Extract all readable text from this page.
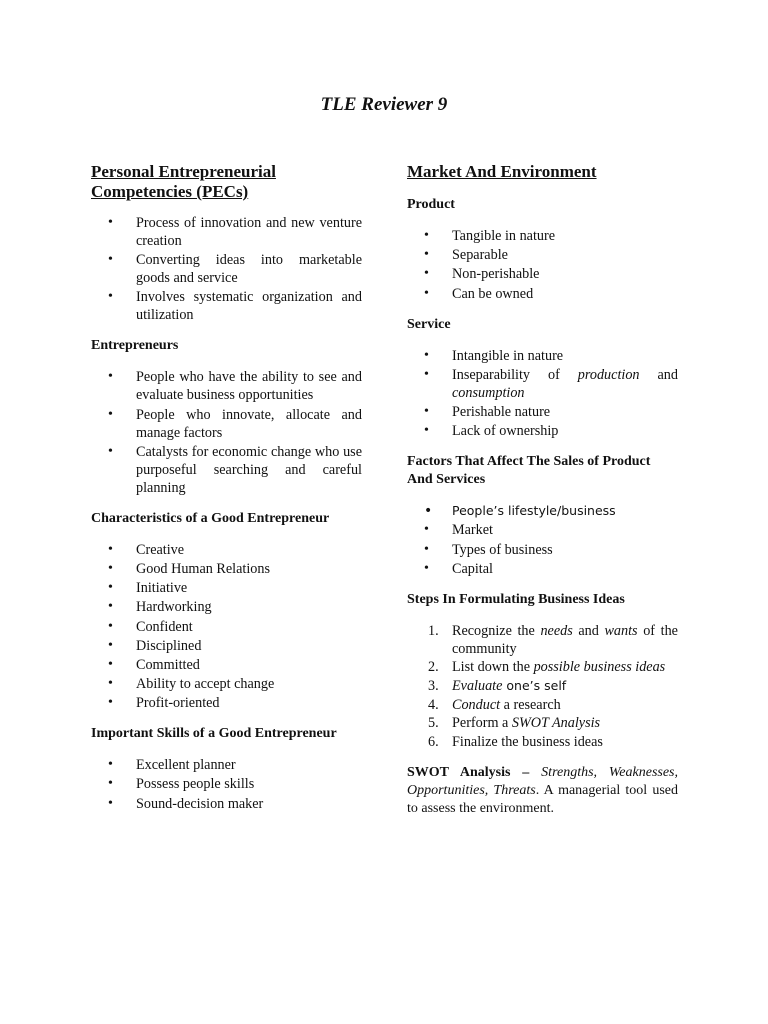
TLE Reviewer 9
Personal Entrepreneurial
Competencies (PECs)
• Process of innovation and new venture creation
• Converting ideas into marketable goods and service
• Involves systematic organization and utilization
Entrepreneurs
• People who have the ability to see and evaluate business opportunities
• People who innovate, allocate and manage factors
• Catalysts for economic change who use purposeful searching and careful planning
Characteristics of a Good Entrepreneur
• Creative
• Good Human Relations
• Initiative
• Hardworking
• Confident
• Disciplined
• Committed
• Ability to accept change
• Profit-oriented
Important Skills of a Good Entrepreneur
• Excellent planner
• Possess people skills
• Sound-decision maker
Market And Environment
Product
• Tangible in nature
• Separable
• Non-perishable
• Can be owned
Service
• Intangible in nature
• Inseparability of production and consumption
• Perishable nature
• Lack of ownership
Factors That Affect The Sales of Product And Services
• People’s lifestyle/business
• Market
• Types of business
• Capital
Steps In Formulating Business Ideas
1. Recognize the needs and wants of the community
2. List down the possible business ideas
3. Evaluate one’s self
4. Conduct a research
5. Perform a SWOT Analysis
6. Finalize the business ideas

SWOT Analysis – Strengths, Weaknesses, Opportunities, Threats. A managerial tool used to assess the environment.
